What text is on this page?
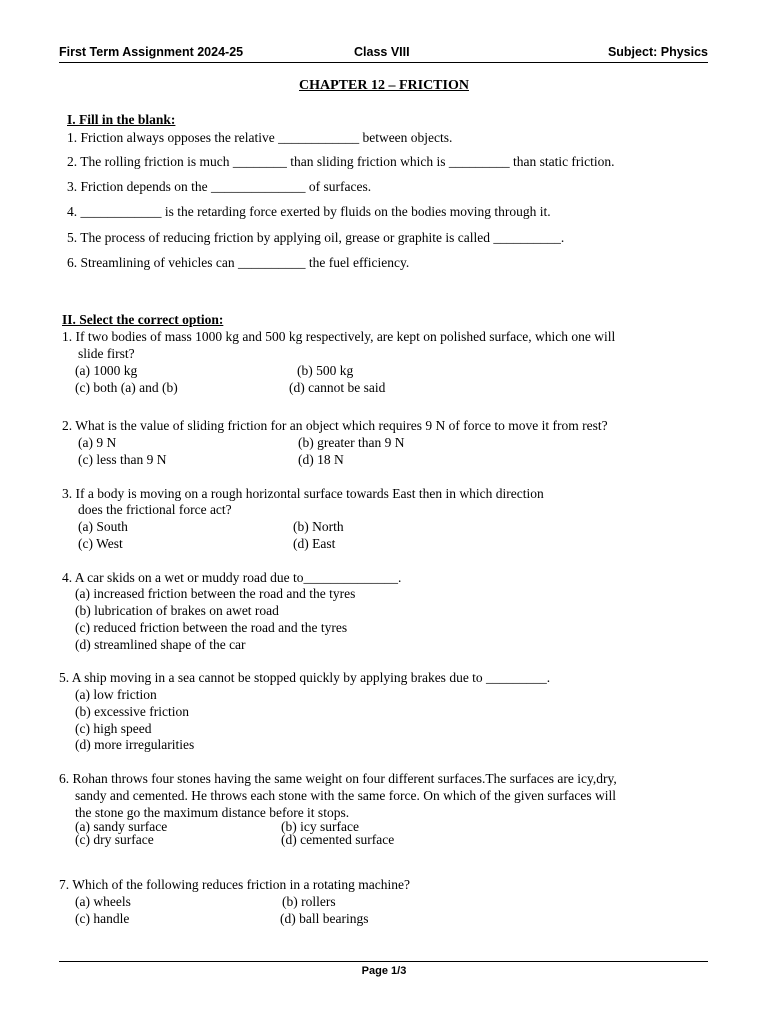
First Term Assignment 2024-25	Class VIII	Subject: Physics
CHAPTER 12 – FRICTION
I. Fill in the blank:
1. Friction always opposes the relative ____________ between objects.
2. The rolling friction is much ________ than sliding friction which is _________ than static friction.
3. Friction depends on the ______________ of surfaces.
4. ____________ is the retarding force exerted by fluids on the bodies moving through it.
5. The process of reducing friction by applying oil, grease or graphite is called __________.
6. Streamlining of vehicles can __________ the fuel efficiency.
II. Select the correct option:
1. If two bodies of mass 1000 kg and 500 kg respectively, are kept on polished surface, which one will
slide first?
(a) 1000 kg	(b) 500 kg
(c) both (a) and (b)	(d) cannot be said
2. What is the value of sliding friction for an object which requires 9 N of force to move it from rest?
(a) 9 N	(b) greater than 9 N
(c) less than 9 N	(d) 18 N
3. If a body is moving on a rough horizontal surface towards East then in which direction
does the frictional force act?
(a) South	(b) North
(c) West	(d) East
4. A car skids on a wet or muddy road due to______________.
(a) increased friction between the road and the tyres
(b) lubrication of brakes on awet road
(c) reduced friction between the road and the tyres
(d) streamlined shape of the car
5. A ship moving in a sea cannot be stopped quickly by applying brakes due to _________.
(a) low friction
(b) excessive friction
(c) high speed
(d) more irregularities
6. Rohan throws four stones having the same weight on four different surfaces.The surfaces are icy,dry,
sandy and cemented. He throws each stone with the same force. On which of the given surfaces will
the stone go the maximum distance before it stops.
(a) sandy surface	(b) icy surface
(c) dry surface	(d) cemented surface
7. Which of the following reduces friction in a rotating machine?
(a) wheels	(b) rollers
(c) handle	(d) ball bearings
Page 1/3
